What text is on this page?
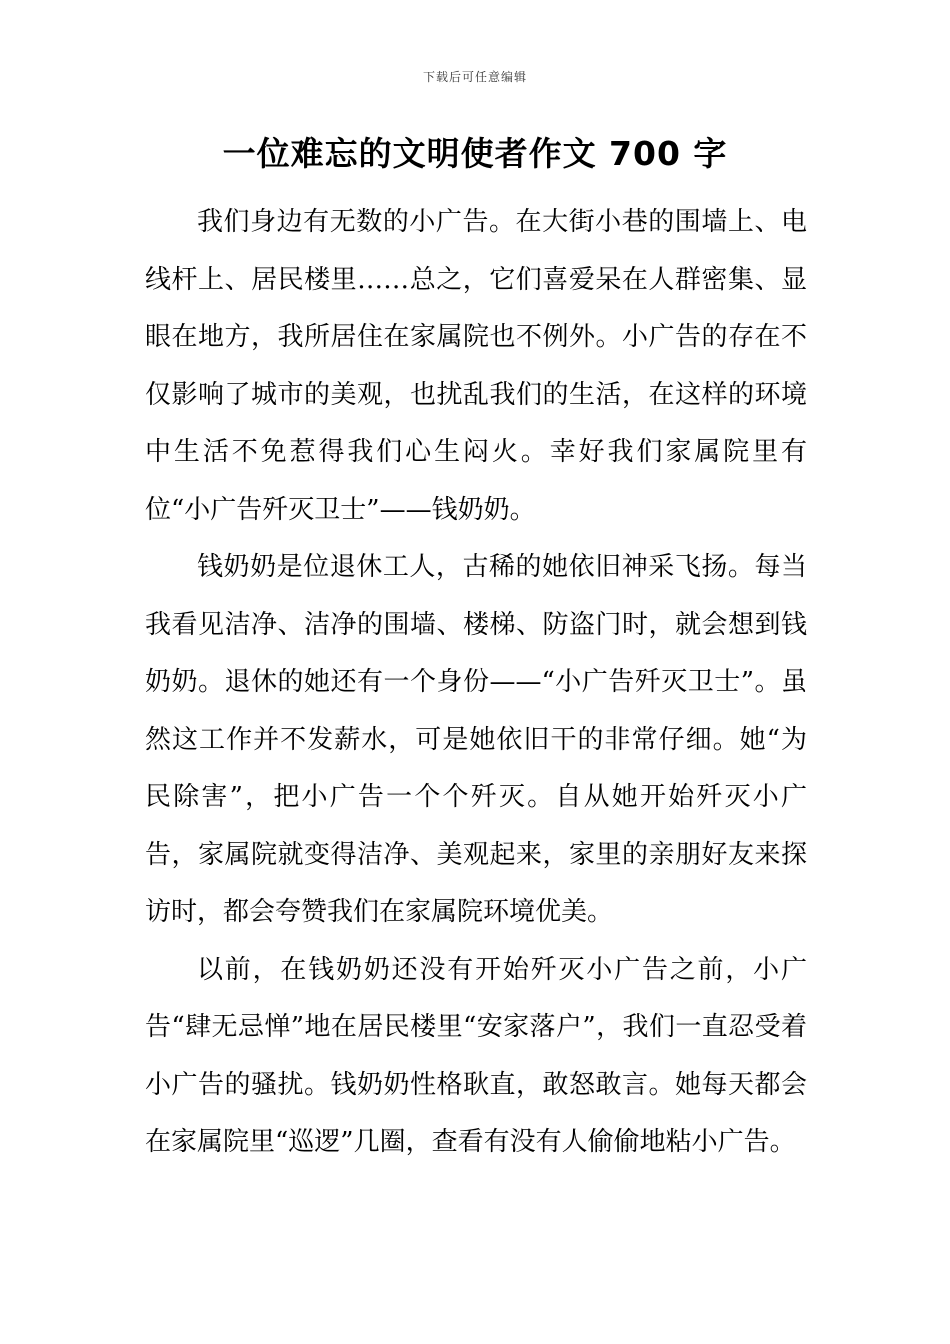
下载后可任意编辑
一位难忘的文明使者作文 700 字

我们身边有无数的小广告。在大街小巷的围墙上、电线杆上、居民楼里……总之，它们喜爱呆在人群密集、显眼在地方，我所居住在家属院也不例外。小广告的存在不仅影响了城市的美观，也扰乱我们的生活，在这样的环境中生活不免惹得我们心生闷火。幸好我们家属院里有位“小广告歼灭卫士”——钱奶奶。

钱奶奶是位退休工人，古稀的她依旧神采飞扬。每当我看见洁净、洁净的围墙、楼梯、防盗门时，就会想到钱奶奶。退休的她还有一个身份——“小广告歼灭卫士”。虽然这工作并不发薪水，可是她依旧干的非常仔细。她“为民除害”，把小广告一个个歼灭。自从她开始歼灭小广告，家属院就变得洁净、美观起来，家里的亲朋好友来探访时，都会夸赞我们在家属院环境优美。

以前，在钱奶奶还没有开始歼灭小广告之前，小广告“肆无忌惮”地在居民楼里“安家落户”，我们一直忍受着小广告的骚扰。钱奶奶性格耿直，敢怒敢言。她每天都会在家属院里“巡逻”几圈，查看有没有人偷偷地粘小广告。
